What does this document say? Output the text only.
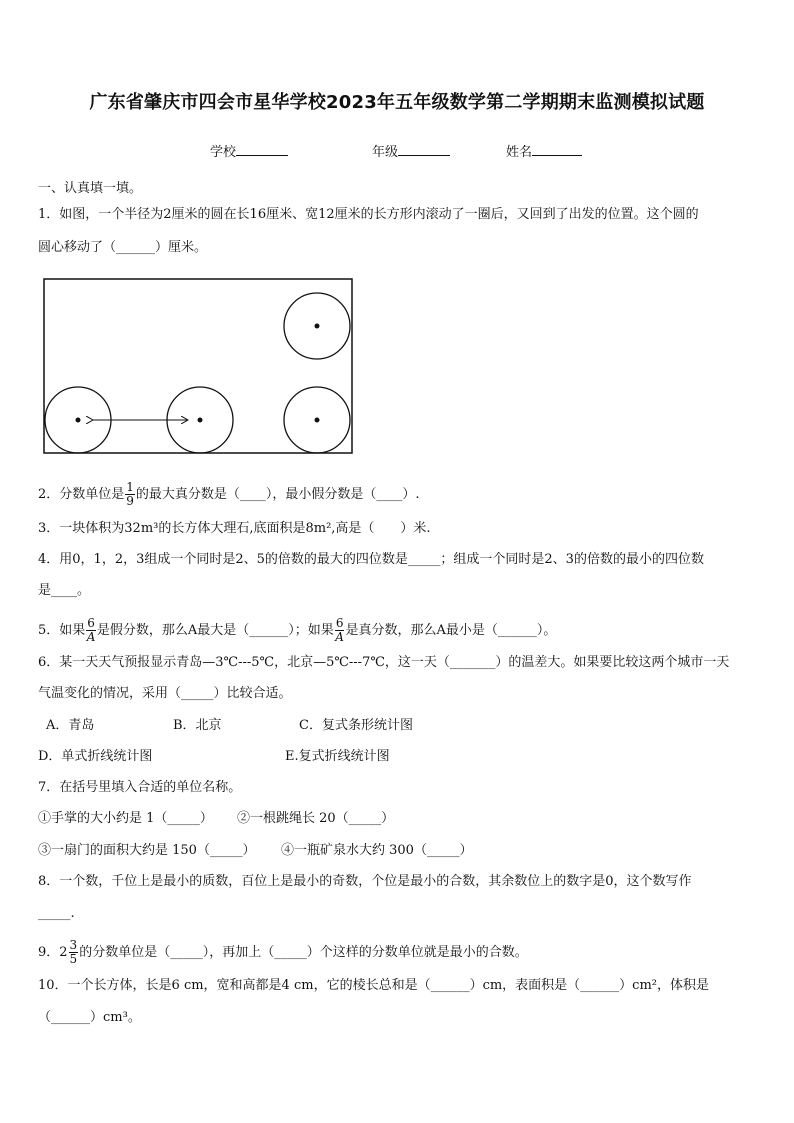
广东省肇庆市四会市星华学校2023年五年级数学第二学期期末监测模拟试题
学校	年级	姓名
一、认真填一填。
1．如图，一个半径为2厘米的圆在长16厘米、宽12厘米的长方形内滚动了一圈后，又回到了出发的位置。这个圆的
圆心移动了（______）厘米。
2．分数单位是 $\frac{1}{9}$ 的最大真分数是（____），最小假分数是（____）.
3．一块体积为32m³的长方体大理石,底面积是8m²,高是（　　）米.
4．用0，1，2，3组成一个同时是2、5的倍数的最大的四位数是_____；组成一个同时是2、3的倍数的最小的四位数
是____。
5．如果 $\frac{6}{A}$ 是假分数，那么A最大是（______）；如果 $\frac{6}{A}$ 是真分数，那么A最小是（______）。
6．某一天天气预报显示青岛—3℃---5℃，北京—5℃---7℃，这一天（_______）的温差大。如果要比较这两个城市一天
气温变化的情况，采用（_____）比较合适。
A．青岛	B．北京	C．复式条形统计图
D．单式折线统计图	E.复式折线统计图
7．在括号里填入合适的单位名称。
①手掌的大小约是 1（_____） ②一根跳绳长 20（_____）
③一扇门的面积大约是 150（_____） ④一瓶矿泉水大约 300（_____）
8．一个数，千位上是最小的质数，百位上是最小的奇数，个位是最小的合数，其余数位上的数字是0，这个数写作
_____.
9．$2 \frac{3}{5}$ 的分数单位是（_____），再加上（_____）个这样的分数单位就是最小的合数。
10．一个长方体，长是6 cm，宽和高都是4 cm，它的棱长总和是（______）cm，表面积是（______）cm²，体积是
（______）cm³。
